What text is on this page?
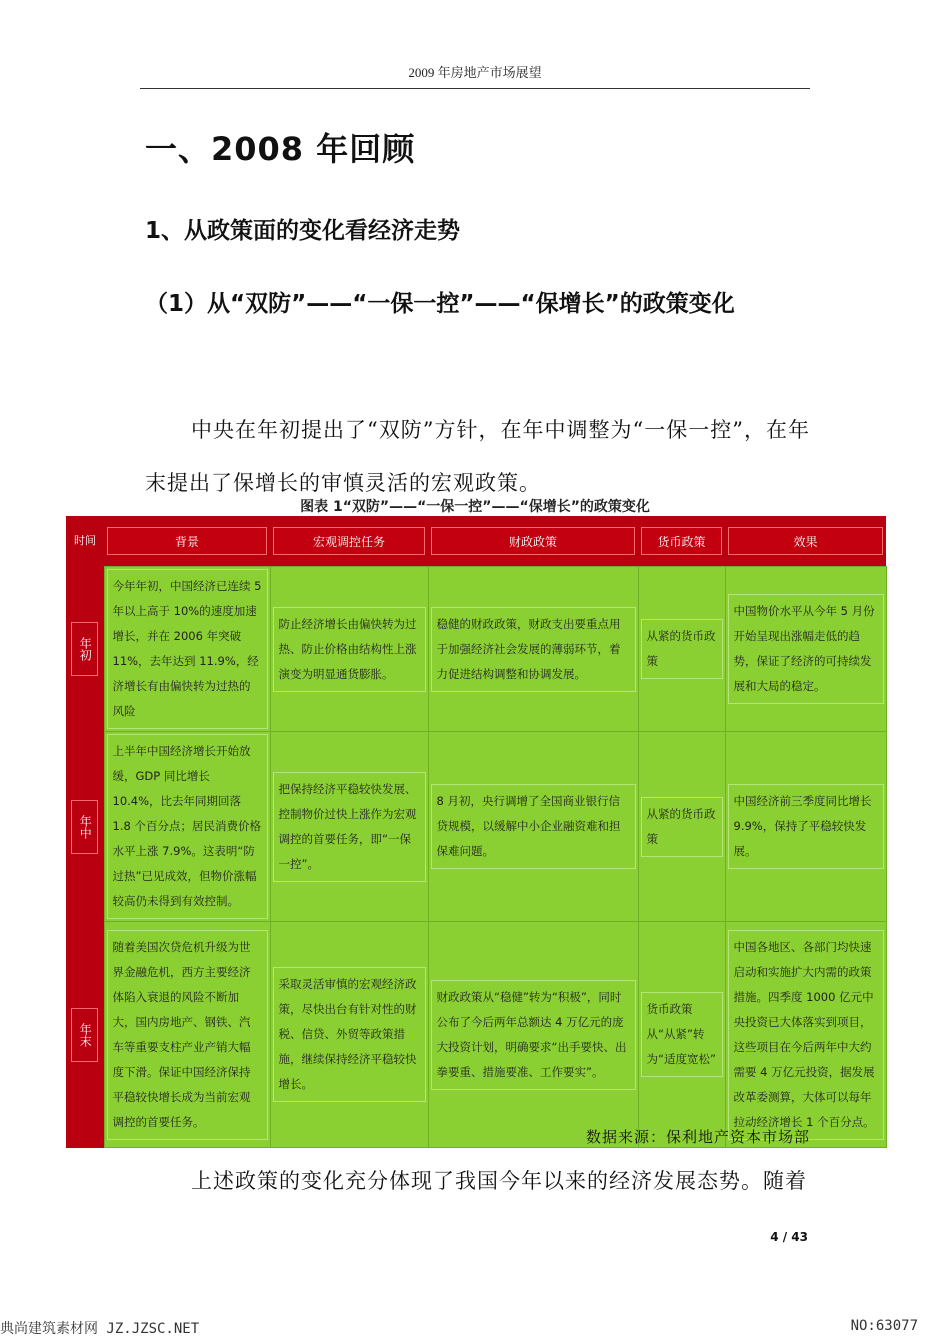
2009 年房地产市场展望
一、2008 年回顾
1、从政策面的变化看经济走势
（1）从“双防”——“一保一控”——“保增长”的政策变化
中央在年初提出了“双防”方针，在年中调整为“一保一控”，在年末提出了保增长的审慎灵活的宏观政策。
图表 1“双防”——“一保一控”——“保增长”的政策变化
时间	背景	宏观调控任务	财政政策	货币政策	效果

年初	今年年初，中国经济已连续 5 年以上高于 10%的速度加速增长，并在 2006 年突破 11%，去年达到 11.9%，经济增长有由偏快转为过热的风险	防止经济增长由偏快转为过热、防止价格由结构性上涨演变为明显通货膨胀。	稳健的财政政策，财政支出要重点用于加强经济社会发展的薄弱环节，着力促进结构调整和协调发展。	从紧的货币政策	中国物价水平从今年 5 月份开始呈现出涨幅走低的趋势，保证了经济的可持续发展和大局的稳定。

年中	上半年中国经济增长开始放缓，GDP 同比增长 10.4%，比去年同期回落 1.8 个百分点；居民消费价格水平上涨 7.9%。这表明“防过热”已见成效，但物价涨幅较高仍未得到有效控制。	把保持经济平稳较快发展、控制物价过快上涨作为宏观调控的首要任务，即“一保一控”。	8 月初，央行调增了全国商业银行信贷规模，以缓解中小企业融资难和担保难问题。	从紧的货币政策	中国经济前三季度同比增长 9.9%，保持了平稳较快发展。

年末	随着美国次贷危机升级为世界金融危机，西方主要经济体陷入衰退的风险不断加大，国内房地产、钢铁、汽车等重要支柱产业产销大幅度下滑。保证中国经济保持平稳较快增长成为当前宏观调控的首要任务。	采取灵活审慎的宏观经济政策，尽快出台有针对性的财税、信贷、外贸等政策措施，继续保持经济平稳较快增长。	财政政策从“稳健”转为“积极”，同时公布了今后两年总额达 4 万亿元的庞大投资计划，明确要求“出手要快、出拳要重、措施要准、工作要实”。	货币政策从“从紧”转为“适度宽松”	中国各地区、各部门均快速启动和实施扩大内需的政策措施。四季度 1000 亿元中央投资已大体落实到项目，这些项目在今后两年中大约需要 4 万亿元投资，据发展改革委测算，大体可以每年拉动经济增长 1 个百分点。
数据来源：保利地产资本市场部
上述政策的变化充分体现了我国今年以来的经济发展态势。随着
4 / 43
典尚建筑素材网 JZ.JZSC.NET	NO:63077
